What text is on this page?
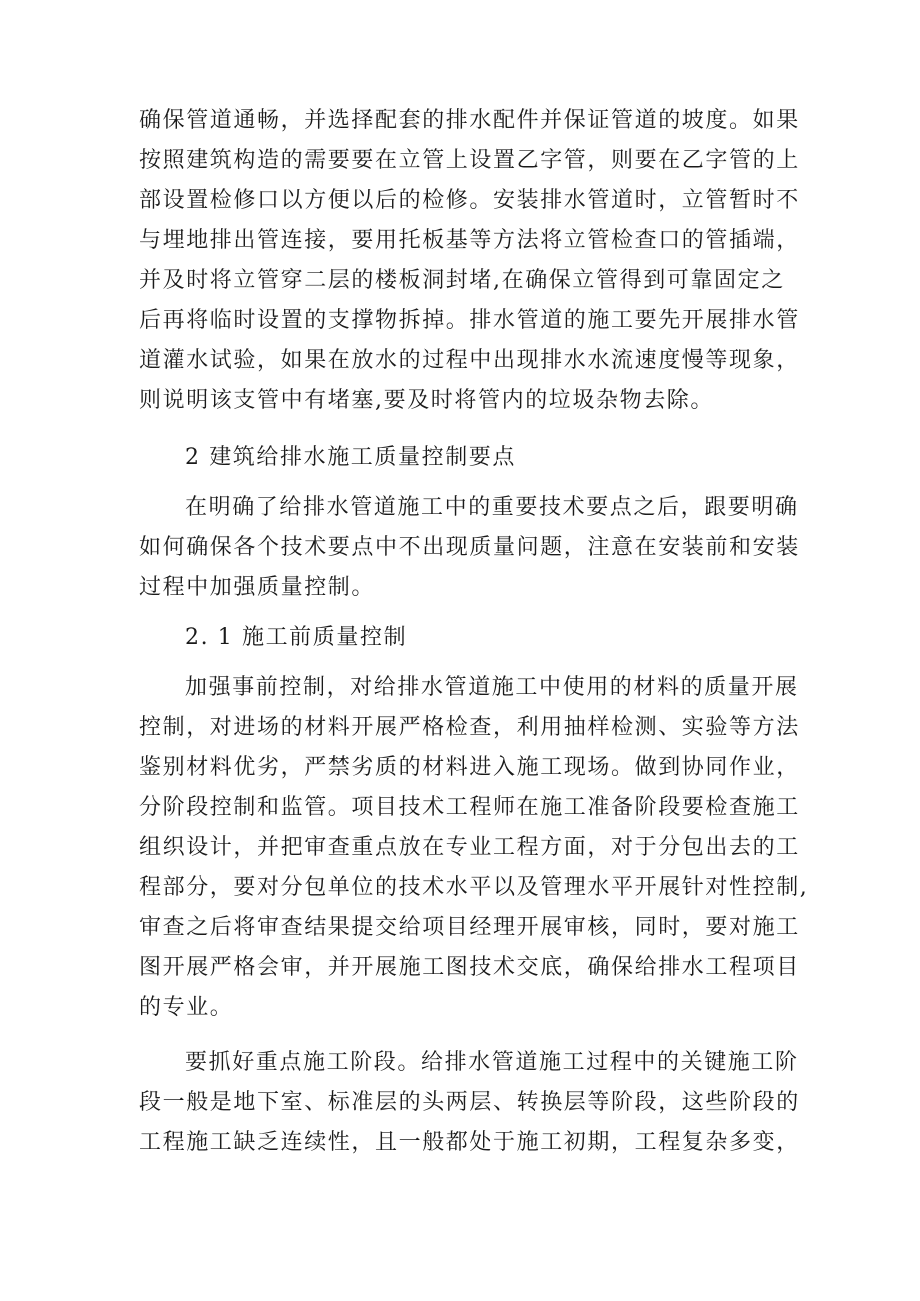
确保管道通畅，并选择配套的排水配件并保证管道的坡度。如果
按照建筑构造的需要要在立管上设置乙字管，则要在乙字管的上
部设置检修口以方便以后的检修。安装排水管道时，立管暂时不
与埋地排出管连接，要用托板基等方法将立管检查口的管插端，
并及时将立管穿二层的楼板洞封堵,在确保立管得到可靠固定之
后再将临时设置的支撑物拆掉。排水管道的施工要先开展排水管
道灌水试验，如果在放水的过程中出现排水水流速度慢等现象，
则说明该支管中有堵塞,要及时将管内的垃圾杂物去除。
2 建筑给排水施工质量控制要点
在明确了给排水管道施工中的重要技术要点之后，跟要明确
如何确保各个技术要点中不出现质量问题，注意在安装前和安装
过程中加强质量控制。
2. 1 施工前质量控制
加强事前控制，对给排水管道施工中使用的材料的质量开展
控制，对进场的材料开展严格检查，利用抽样检测、实验等方法
鉴别材料优劣，严禁劣质的材料进入施工现场。做到协同作业，
分阶段控制和监管。项目技术工程师在施工准备阶段要检查施工
组织设计，并把审查重点放在专业工程方面，对于分包出去的工
程部分，要对分包单位的技术水平以及管理水平开展针对性控制,
审查之后将审查结果提交给项目经理开展审核，同时，要对施工
图开展严格会审，并开展施工图技术交底，确保给排水工程项目
的专业。
要抓好重点施工阶段。给排水管道施工过程中的关键施工阶
段一般是地下室、标准层的头两层、转换层等阶段，这些阶段的
工程施工缺乏连续性，且一般都处于施工初期，工程复杂多变，
